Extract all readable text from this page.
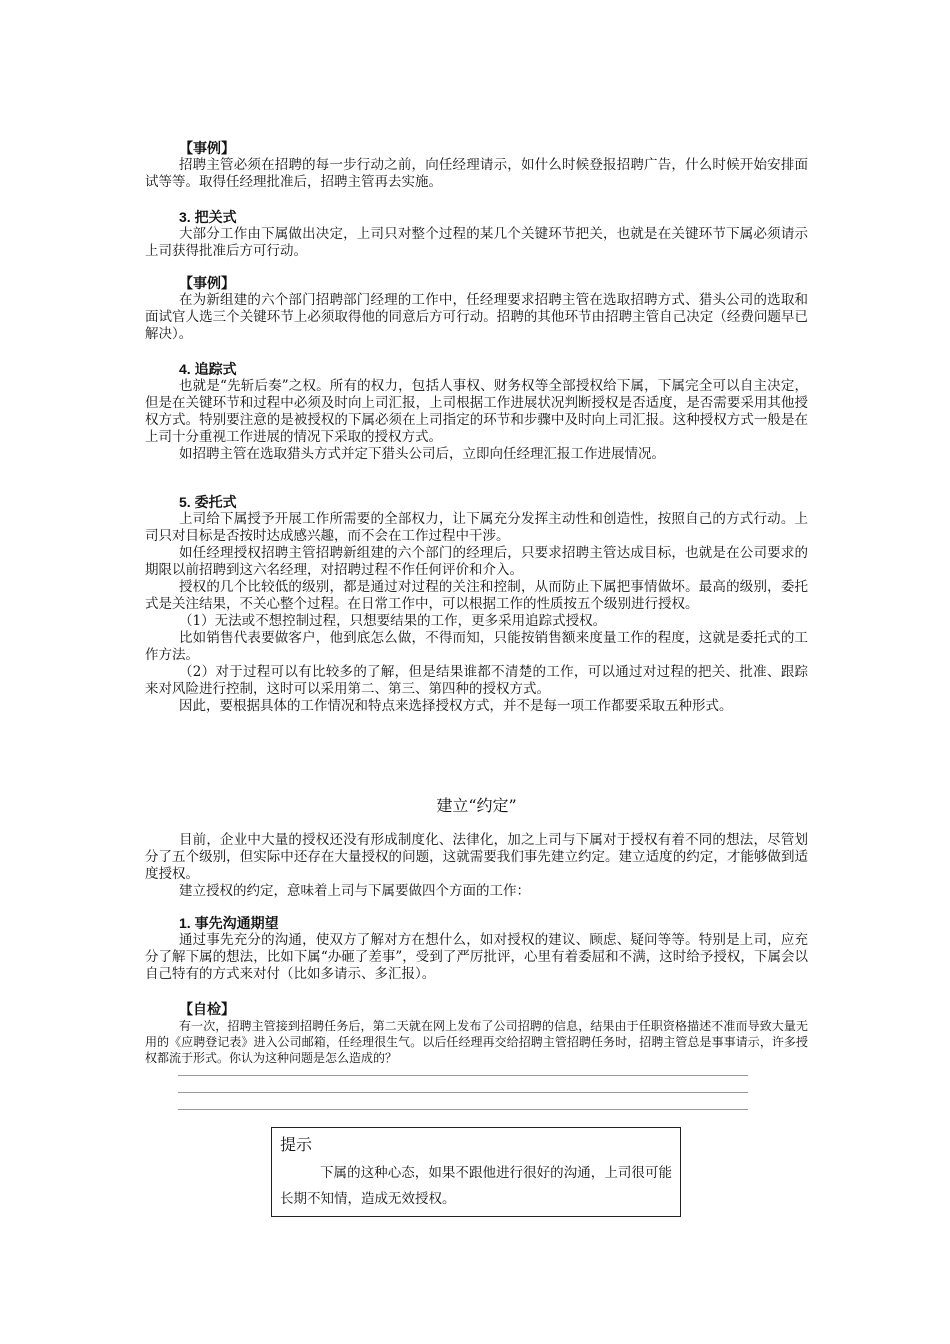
【事例】

招聘主管必须在招聘的每一步行动之前，向任经理请示，如什么时候登报招聘广告，什么时候开始安排面试等等。取得任经理批准后，招聘主管再去实施。

3. 把关式

大部分工作由下属做出决定，上司只对整个过程的某几个关键环节把关，也就是在关键环节下属必须请示上司获得批准后方可行动。

【事例】

在为新组建的六个部门招聘部门经理的工作中，任经理要求招聘主管在选取招聘方式、猎头公司的选取和面试官人选三个关键环节上必须取得他的同意后方可行动。招聘的其他环节由招聘主管自己决定（经费问题早已解决）。

4. 追踪式

也就是“先斩后奏”之权。所有的权力，包括人事权、财务权等全部授权给下属，下属完全可以自主决定，但是在关键环节和过程中必须及时向上司汇报，上司根据工作进展状况判断授权是否适度，是否需要采用其他授权方式。特别要注意的是被授权的下属必须在上司指定的环节和步骤中及时向上司汇报。这种授权方式一般是在上司十分重视工作进展的情况下采取的授权方式。

如招聘主管在选取猎头方式并定下猎头公司后，立即向任经理汇报工作进展情况。

5. 委托式

上司给下属授予开展工作所需要的全部权力，让下属充分发挥主动性和创造性，按照自己的方式行动。上司只对目标是否按时达成感兴趣，而不会在工作过程中干涉。

如任经理授权招聘主管招聘新组建的六个部门的经理后，只要求招聘主管达成目标，也就是在公司要求的期限以前招聘到这六名经理，对招聘过程不作任何评价和介入。

授权的几个比较低的级别，都是通过对过程的关注和控制，从而防止下属把事情做坏。最高的级别，委托式是关注结果，不关心整个过程。在日常工作中，可以根据工作的性质按五个级别进行授权。

（1）无法或不想控制过程，只想要结果的工作，更多采用追踪式授权。

比如销售代表要做客户，他到底怎么做，不得而知，只能按销售额来度量工作的程度，这就是委托式的工作方法。

（2）对于过程可以有比较多的了解，但是结果谁都不清楚的工作，可以通过对过程的把关、批准、跟踪来对风险进行控制，这时可以采用第二、第三、第四种的授权方式。

因此，要根据具体的工作情况和特点来选择授权方式，并不是每一项工作都要采取五种形式。

建立“约定”

目前，企业中大量的授权还没有形成制度化、法律化，加之上司与下属对于授权有着不同的想法，尽管划分了五个级别，但实际中还存在大量授权的问题，这就需要我们事先建立约定。建立适度的约定，才能够做到适度授权。

建立授权的约定，意味着上司与下属要做四个方面的工作：

1. 事先沟通期望

通过事先充分的沟通，使双方了解对方在想什么，如对授权的建议、顾虑、疑问等等。特别是上司，应充分了解下属的想法，比如下属“办砸了差事”，受到了严厉批评，心里有着委屈和不满，这时给予授权，下属会以自己特有的方式来对付（比如多请示、多汇报）。

【自检】

有一次，招聘主管接到招聘任务后，第二天就在网上发布了公司招聘的信息，结果由于任职资格描述不准而导致大量无用的《应聘登记表》进入公司邮箱，任经理很生气。以后任经理再交给招聘主管招聘任务时，招聘主管总是事事请示，许多授权都流于形式。你认为这种问题是怎么造成的？

提示

下属的这种心态，如果不跟他进行很好的沟通，上司很可能长期不知情，造成无效授权。
